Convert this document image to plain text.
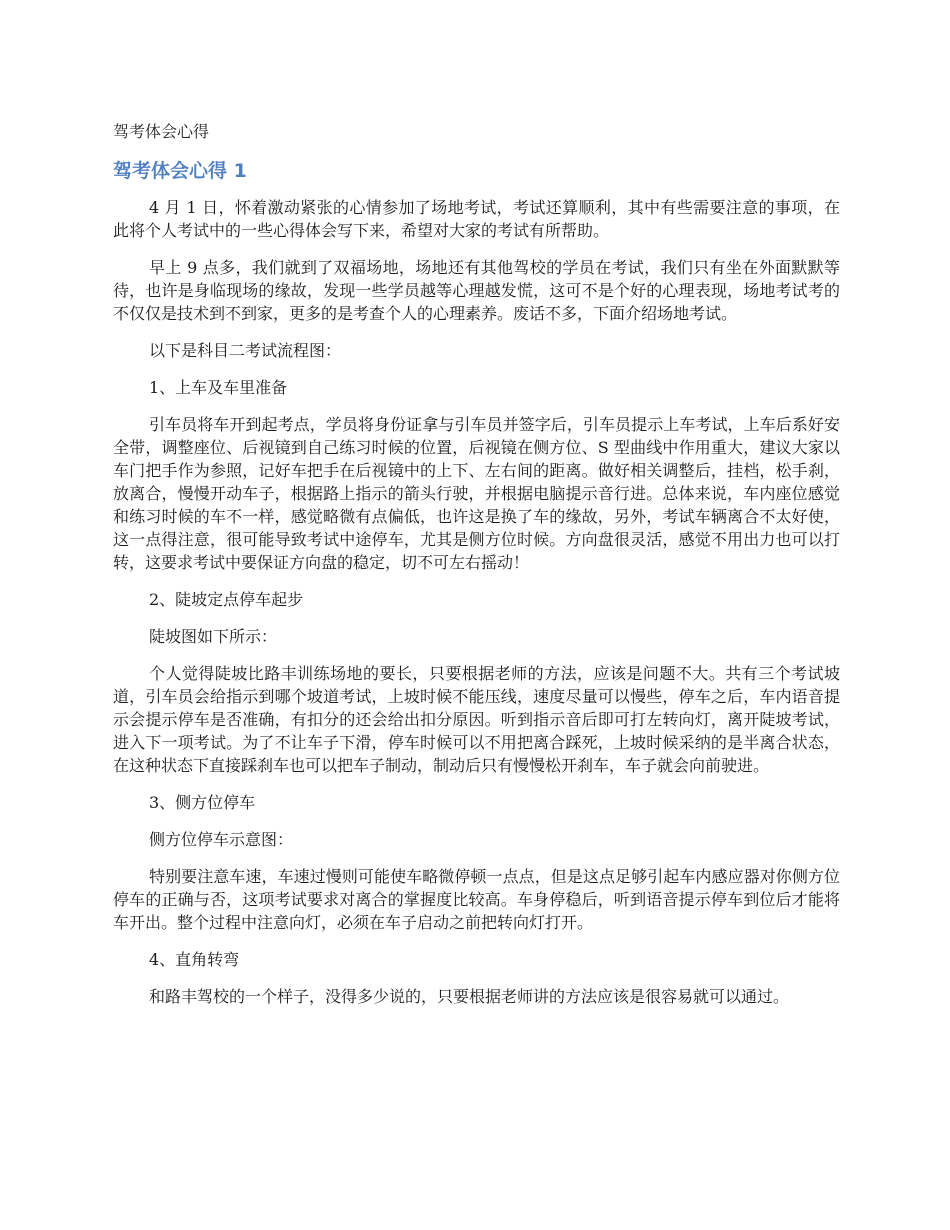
驾考体会心得
驾考体会心得 1

4 月 1 日，怀着激动紧张的心情参加了场地考试，考试还算顺利，其中有些需要注意的事项，在此将个人考试中的一些心得体会写下来，希望对大家的考试有所帮助。

早上 9 点多，我们就到了双福场地，场地还有其他驾校的学员在考试，我们只有坐在外面默默等待，也许是身临现场的缘故，发现一些学员越等心理越发慌，这可不是个好的心理表现，场地考试考的不仅仅是技术到不到家，更多的是考查个人的心理素养。废话不多，下面介绍场地考试。

以下是科目二考试流程图：

1、上车及车里准备

引车员将车开到起考点，学员将身份证拿与引车员并签字后，引车员提示上车考试，上车后系好安全带，调整座位、后视镜到自己练习时候的位置，后视镜在侧方位、S 型曲线中作用重大，建议大家以车门把手作为参照，记好车把手在后视镜中的上下、左右间的距离。做好相关调整后，挂档，松手刹，放离合，慢慢开动车子，根据路上指示的箭头行驶，并根据电脑提示音行进。总体来说，车内座位感觉和练习时候的车不一样，感觉略微有点偏低，也许这是换了车的缘故，另外，考试车辆离合不太好使，这一点得注意，很可能导致考试中途停车，尤其是侧方位时候。方向盘很灵活，感觉不用出力也可以打转，这要求考试中要保证方向盘的稳定，切不可左右摇动！

2、陡坡定点停车起步

陡坡图如下所示：

个人觉得陡坡比路丰训练场地的要长，只要根据老师的方法，应该是问题不大。共有三个考试坡道，引车员会给指示到哪个坡道考试，上坡时候不能压线，速度尽量可以慢些，停车之后，车内语音提示会提示停车是否准确，有扣分的还会给出扣分原因。听到指示音后即可打左转向灯，离开陡坡考试，进入下一项考试。为了不让车子下滑，停车时候可以不用把离合踩死，上坡时候采纳的是半离合状态，在这种状态下直接踩刹车也可以把车子制动，制动后只有慢慢松开刹车，车子就会向前驶进。

3、侧方位停车

侧方位停车示意图：

特别要注意车速，车速过慢则可能使车略微停顿一点点，但是这点足够引起车内感应器对你侧方位停车的正确与否，这项考试要求对离合的掌握度比较高。车身停稳后，听到语音提示停车到位后才能将车开出。整个过程中注意向灯，必须在车子启动之前把转向灯打开。

4、直角转弯

和路丰驾校的一个样子，没得多少说的，只要根据老师讲的方法应该是很容易就可以通过。
